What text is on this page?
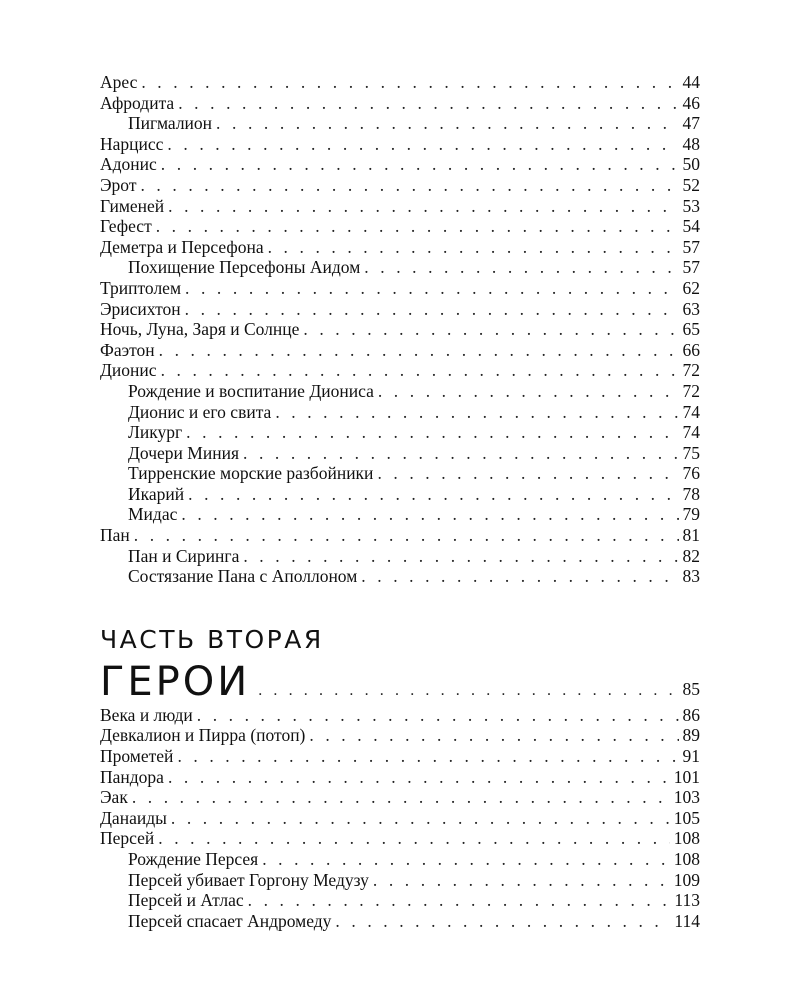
Арес . . .	44
Афродита . . .	46
Пигмалион . . .	47
Нарцисс . . .	48
Адонис . . .	50
Эрот . . .	52
Гименей . . .	53
Гефест . . .	54
Деметра и Персефона . . .	57
Похищение Персефоны Аидом . . .	57
Триптолем . . .	62
Эрисихтон . . .	63
Ночь, Луна, Заря и Солнце . . .	65
Фаэтон . . .	66
Дионис . . .	72
Рождение и воспитание Диониса . . .	72
Дионис и его свита . . .	74
Ликург . . .	74
Дочери Миния . . .	75
Тирренские морские разбойники . . .	76
Икарий . . .	78
Мидас . . .	79
Пан . . .	81
Пан и Сиринга . . .	82
Состязание Пана с Аполлоном . . .	83
ЧАСТЬ ВТОРАЯ
ГЕРОИ . . .	85
Века и люди . . .	86
Девкалион и Пирра (потоп) . . .	89
Прометей . . .	91
Пандора . . .	101
Эак . . .	103
Данаиды . . .	105
Персей . . .	108
Рождение Персея . . .	108
Персей убивает Горгону Медузу . . .	109
Персей и Атлас . . .	113
Персей спасает Андромеду . . .	114
